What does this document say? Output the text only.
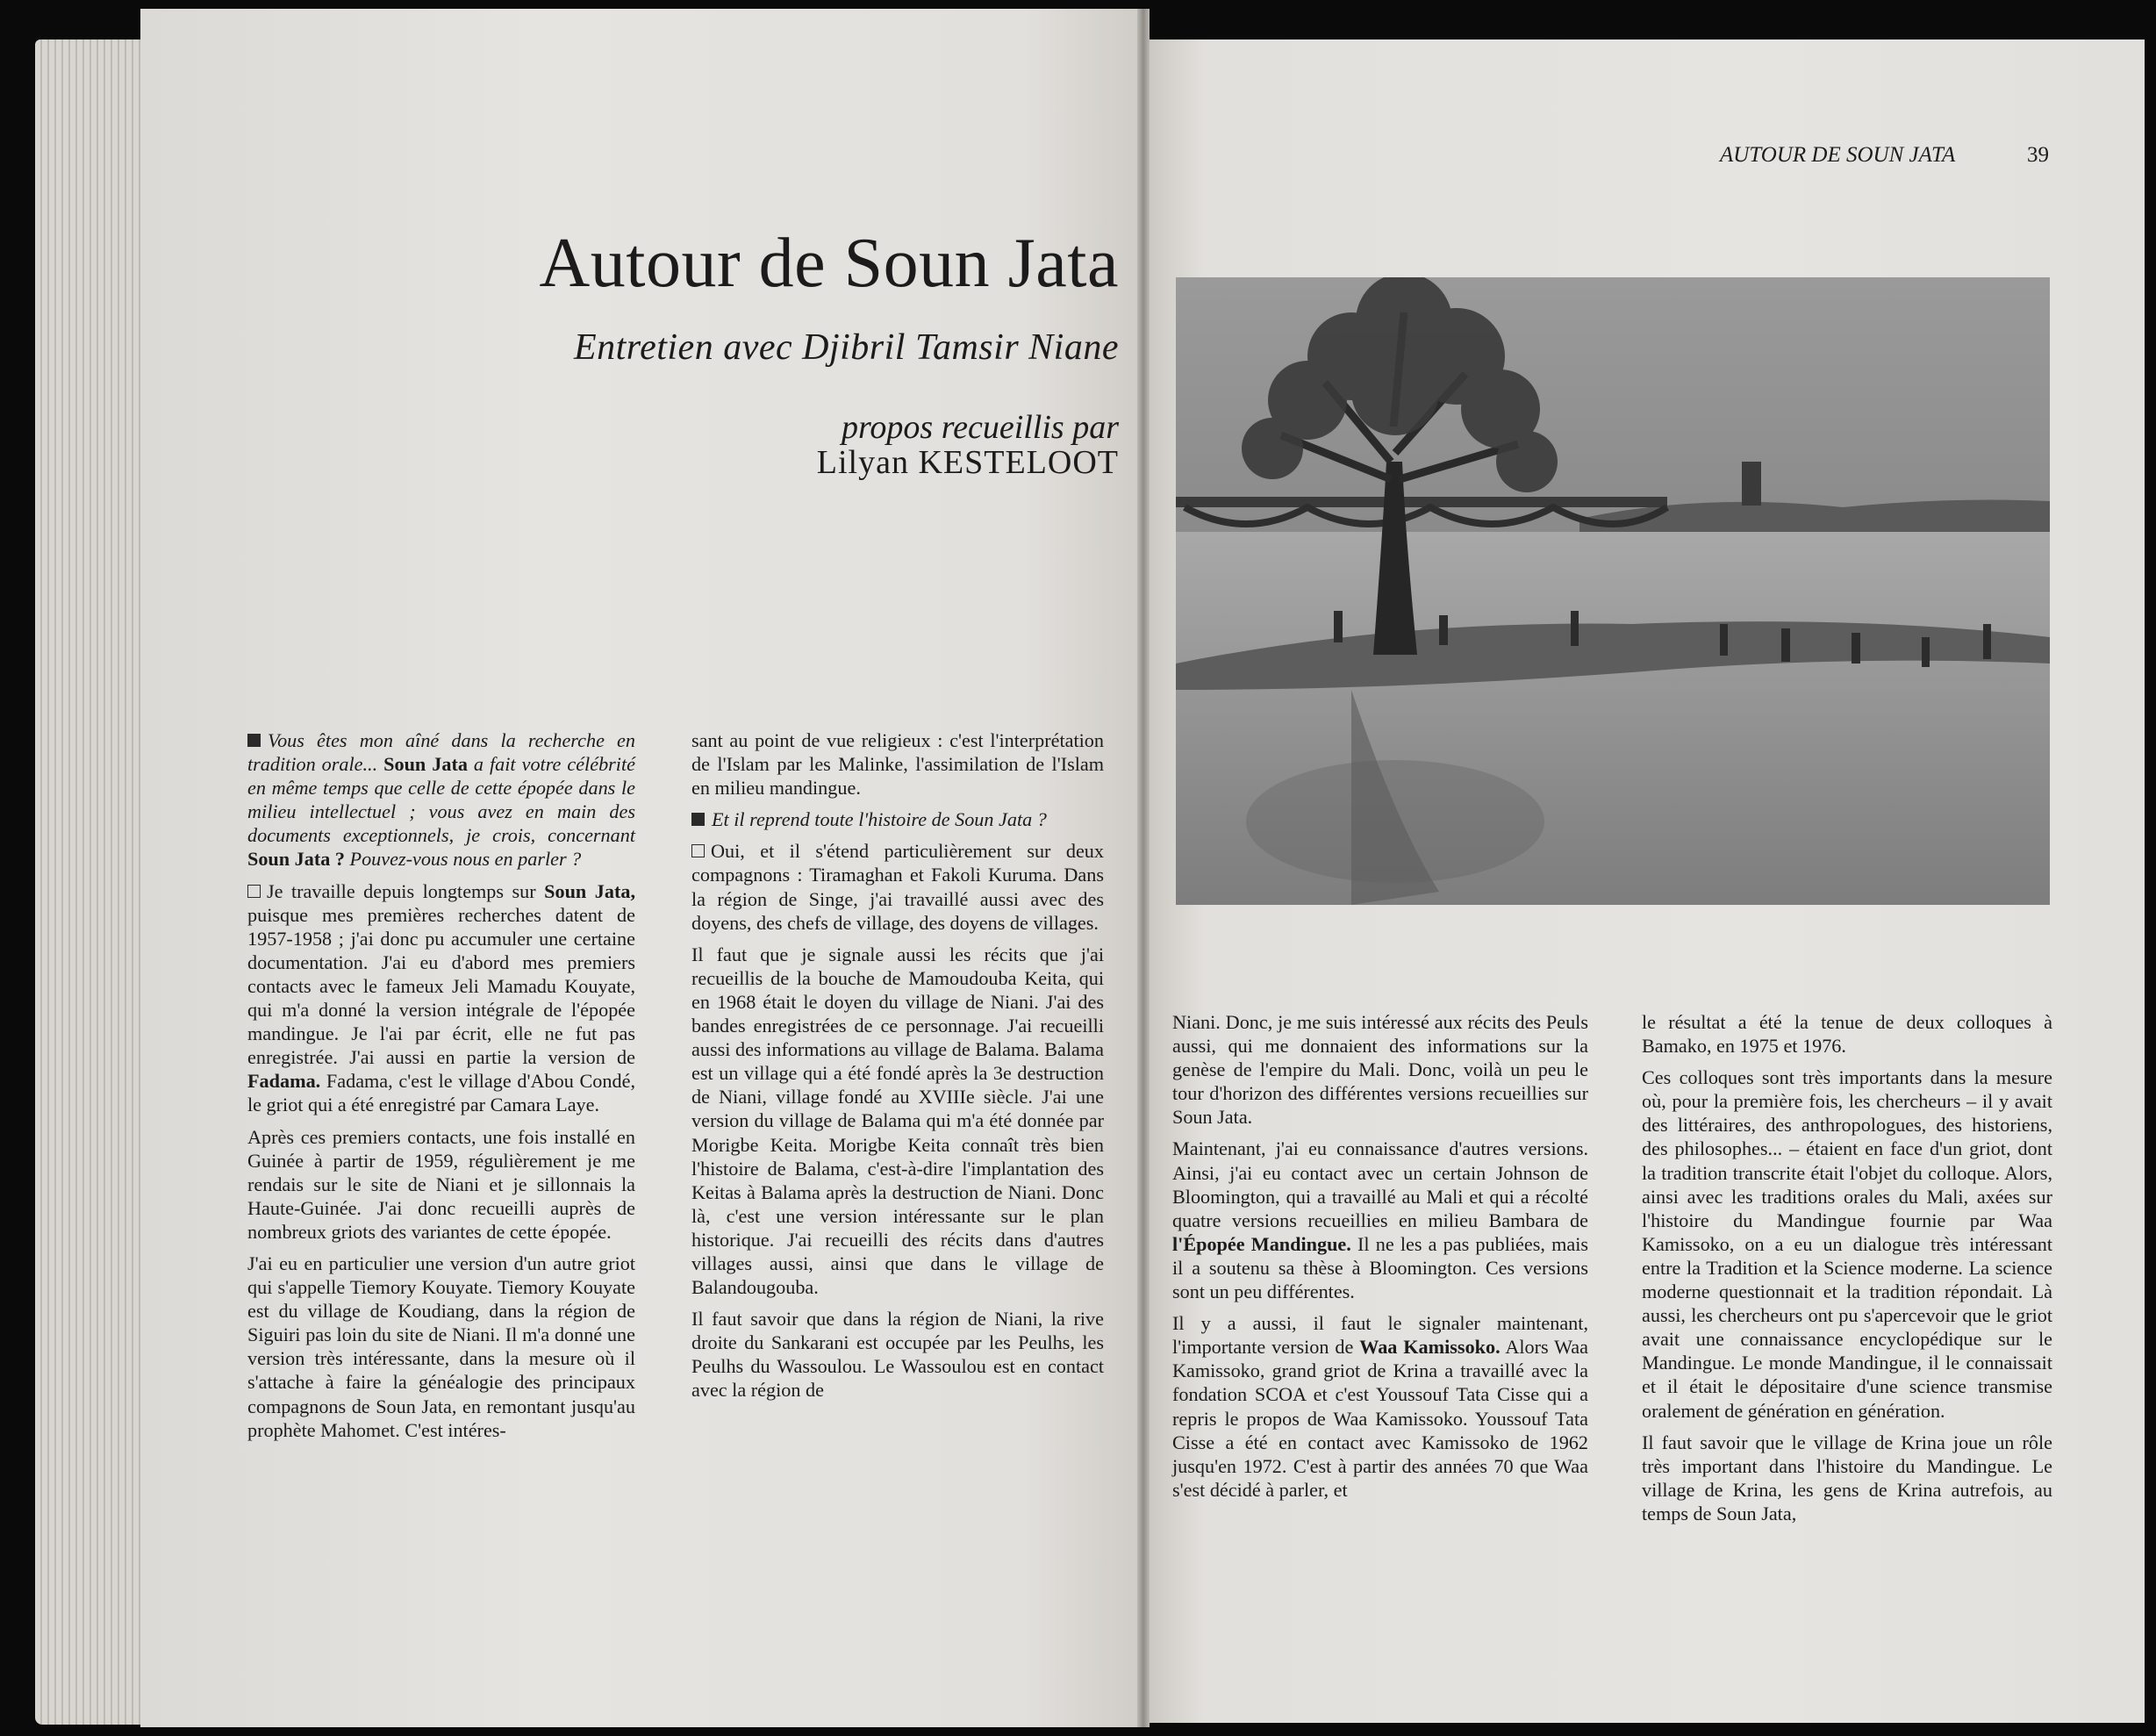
Autour de Soun Jata
Entretien avec Djibril Tamsir Niane
propos recueillis par
Lilyan KESTELOOT

Vous êtes mon aîné dans la recherche en tradition orale... Soun Jata a fait votre célébrité en même temps que celle de cette épopée dans le milieu intellectuel ; vous avez en main des documents exceptionnels, je crois, concernant Soun Jata ? Pouvez-vous nous en parler ?

Je travaille depuis longtemps sur Soun Jata, puisque mes premières recherches datent de 1957-1958 ; j'ai donc pu accumuler une certaine documentation. J'ai eu d'abord mes premiers contacts avec le fameux Jeli Mamadu Kouyate, qui m'a donné la version intégrale de l'épopée mandingue. Je l'ai par écrit, elle ne fut pas enregistrée. J'ai aussi en partie la version de Fadama. Fadama, c'est le village d'Abou Condé, le griot qui a été enregistré par Camara Laye.

Après ces premiers contacts, une fois installé en Guinée à partir de 1959, régulièrement je me rendais sur le site de Niani et je sillonnais la Haute-Guinée. J'ai donc recueilli auprès de nombreux griots des variantes de cette épopée.

J'ai eu en particulier une version d'un autre griot qui s'appelle Tiemory Kouyate. Tiemory Kouyate est du village de Koudiang, dans la région de Siguiri pas loin du site de Niani. Il m'a donné une version très intéressante, dans la mesure où il s'attache à faire la généalogie des principaux compagnons de Soun Jata, en remontant jusqu'au prophète Mahomet. C'est intéres-

sant au point de vue religieux : c'est l'interprétation de l'Islam par les Malinke, l'assimilation de l'Islam en milieu mandingue.

Et il reprend toute l'histoire de Soun Jata ?

Oui, et il s'étend particulièrement sur deux compagnons : Tiramaghan et Fakoli Kuruma. Dans la région de Singe, j'ai travaillé aussi avec des doyens, des chefs de village, des doyens de villages.

Il faut que je signale aussi les récits que j'ai recueillis de la bouche de Mamoudouba Keita, qui en 1968 était le doyen du village de Niani. J'ai des bandes enregistrées de ce personnage. J'ai recueilli aussi des informations au village de Balama. Balama est un village qui a été fondé après la 3e destruction de Niani, village fondé au XVIIIe siècle. J'ai une version du village de Balama qui m'a été donnée par Morigbe Keita. Morigbe Keita connaît très bien l'histoire de Balama, c'est-à-dire l'implantation des Keitas à Balama après la destruction de Niani. Donc là, c'est une version intéressante sur le plan historique. J'ai recueilli des récits dans d'autres villages aussi, ainsi que dans le village de Balandougouba.

Il faut savoir que dans la région de Niani, la rive droite du Sankarani est occupée par les Peulhs, les Peulhs du Wassoulou. Le Wassoulou est en contact avec la région de

AUTOUR DE SOUN JATA	39

Niani. Donc, je me suis intéressé aux récits des Peuls aussi, qui me donnaient des informations sur la genèse de l'empire du Mali. Donc, voilà un peu le tour d'horizon des différentes versions recueillies sur Soun Jata.

Maintenant, j'ai eu connaissance d'autres versions. Ainsi, j'ai eu contact avec un certain Johnson de Bloomington, qui a travaillé au Mali et qui a récolté quatre versions recueillies en milieu Bambara de l'Épopée Mandingue. Il ne les a pas publiées, mais il a soutenu sa thèse à Bloomington. Ces versions sont un peu différentes.

Il y a aussi, il faut le signaler maintenant, l'importante version de Waa Kamissoko. Alors Waa Kamissoko, grand griot de Krina a travaillé avec la fondation SCOA et c'est Youssouf Tata Cisse qui a repris le propos de Waa Kamissoko. Youssouf Tata Cisse a été en contact avec Kamissoko de 1962 jusqu'en 1972. C'est à partir des années 70 que Waa s'est décidé à parler, et

le résultat a été la tenue de deux colloques à Bamako, en 1975 et 1976.

Ces colloques sont très importants dans la mesure où, pour la première fois, les chercheurs – il y avait des littéraires, des anthropologues, des historiens, des philosophes... – étaient en face d'un griot, dont la tradition transcrite était l'objet du colloque. Alors, ainsi avec les traditions orales du Mali, axées sur l'histoire du Mandingue fournie par Waa Kamissoko, on a eu un dialogue très intéressant entre la Tradition et la Science moderne. La science moderne questionnait et la tradition répondait. Là aussi, les chercheurs ont pu s'apercevoir que le griot avait une connaissance encyclopédique sur le Mandingue. Le monde Mandingue, il le connaissait et il était le dépositaire d'une science transmise oralement de génération en génération.

Il faut savoir que le village de Krina joue un rôle très important dans l'histoire du Mandingue. Le village de Krina, les gens de Krina autrefois, au temps de Soun Jata,
